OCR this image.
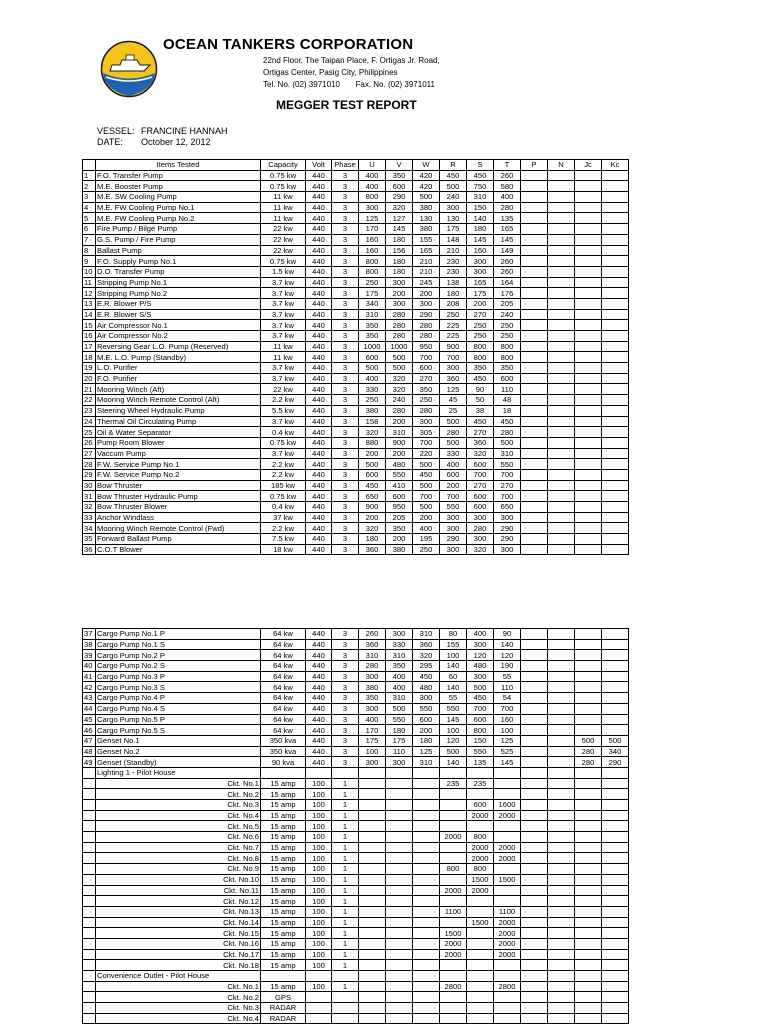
OCEAN TANKERS CORPORATION
22nd Floor, The Taipan Place, F. Ortigas Jr. Road,
Ortigas Center, Pasig City, Philippines
Tel. No. (02) 3971010 Fax. No. (02) 3971011
MEGGER TEST REPORT
VESSEL: FRANCINE HANNAH
DATE: October 12, 2012
	Items Tested	Capacity	Volt	Phase	U	V	W	R	S	T	P	N	Jc	Kc
1	F.O. Transfer Pump	0.75 kw	440	3	400	350	420	450	450	260				
2	M.E. Booster Pump	0.75 kw	440	3	400	600	420	500	750	580				
3	M.E. SW Cooling Pump	11 kw	440	3	800	290	500	240	310	400				
4	M.E. FW Cooling Pump No.1	11 kw	440	3	300	320	380	300	150	280				
5	M.E. FW Cooling Pump No.2	11 kw	440	3	125	127	130	130	140	135				
6	Fire Pump / Bilge Pump	22 kw	440	3	170	145	380	175	180	165				
7	G.S. Pump / Fire Pump	22 kw	440	3	160	180	155	148	145	145				
8	Ballast Pump	22 kw	440	3	160	156	165	210	160	149				
9	F.O. Supply Pump No.1	0.75 kw	440	3	800	180	210	230	300	260				
10	D.O. Transfer Pump	1.5 kw	440	3	800	180	210	230	300	260				
11	Stripping Pump No.1	3.7 kw	440	3	250	300	245	138	165	164				
12	Stripping Pump No.2	3.7 kw	440	3	175	200	200	180	175	176				
13	E.R. Blower P/S	3.7 kw	440	3	340	300	300	208	200	205				
14	E.R. Blower S/S	3.7 kw	440	3	310	280	290	250	270	240				
15	Air Compressor No.1	3.7 kw	440	3	350	280	280	225	250	250				
16	Air Compressor No.2	3.7 kw	440	3	350	280	280	225	250	250				
17	Reversing Gear L.O. Pump (Reserved)	11 kw	440	3	1000	1000	950	900	800	800				
18	M.E. L.O. Pump (Standby)	11 kw	440	3	600	500	700	700	800	800				
19	L.O. Purifier	3.7 kw	440	3	500	500	600	300	350	350				
20	F.O. Purifier	3.7 kw	440	3	400	320	270	360	450	600				
21	Mooring Winch (Aft)	22 kw	440	3	330	320	350	125	90	110				
22	Mooring Winch Remote Control (Aft)	2.2 kw	440	3	250	240	250	45	50	48				
23	Steering Wheel Hydraulic Pump	5.5 kw	440	3	380	280	280	25	38	18				
24	Thermal Oil Circulating Pump	3.7 kw	440	3	158	200	300	500	450	450				
25	Oil & Water Separator	0.4 kw	440	3	320	310	305	280	270	280				
26	Pump Room Blower	0.75 kw	440	3	880	900	700	500	360	500				
27	Vaccum Pump	3.7 kw	440	3	200	200	220	330	320	310				
28	F.W. Service Pump No.1	2.2 kw	440	3	500	480	500	400	600	550				
29	F.W. Service Pump No.2	2.2 kw	440	3	600	550	450	600	700	700				
30	Bow Thruster	185 kw	440	3	450	410	500	200	270	270				
31	Bow Thruster Hydraulic Pump	0.75 kw	440	3	650	600	700	700	600	700				
32	Bow Thruster Blower	0.4 kw	440	3	900	950	500	550	600	650				
33	Anchor Windlass	37 kw	440	3	200	205	200	300	300	300				
34	Mooring Winch Remote Control (Fwd)	2.2 kw	440	3	320	350	400	300	280	290				
35	Forward Ballast Pump	7.5 kw	440	3	180	200	195	290	300	290				
36	C.O.T Blower	18 kw	440	3	360	380	250	300	320	300				
37	Cargo Pump No.1 P	64 kw	440	3	260	300	310	80	400	90				
38	Cargo Pump No.1 S	64 kw	440	3	360	330	360	155	300	140				
39	Cargo Pump No.2 P	64 kw	440	3	310	310	320	100	120	120				
40	Cargo Pump No.2 S	64 kw	440	3	280	350	295	140	480	190				
41	Cargo Pump No.3 P	64 kw	440	3	300	400	450	60	300	55				
42	Cargo Pump No.3 S	64 kw	440	3	380	400	480	140	500	110				
43	Cargo Pump No.4 P	64 kw	440	3	350	310	300	55	450	54				
44	Cargo Pump No.4 S	64 kw	440	3	300	500	550	550	700	700				
45	Cargo Pump No.5 P	64 kw	440	3	400	550	600	145	600	160				
46	Cargo Pump No.5 S	64 kw	440	3	170	180	200	100	800	100				
47	Genset No.1	350 kva	440	3	175	175	180	120	150	125			500	500
48	Genset No.2	350 kva	440	3	100	110	125	500	550	525			280	340
49	Genset (Standby)	90 kva	440	3	300	300	310	140	135	145			280	290
	Lighting 1 - Pilot House													
	Ckt. No.1	15 amp	100	1				235	235					
	Ckt. No.2	15 amp	100	1										
	Ckt. No.3	15 amp	100	1					600	1600				
	Ckt. No.4	15 amp	100	1					2000	2000				
	Ckt. No.5	15 amp	100	1										
	Ckt. No.6	15 amp	100	1				2000	800					
	Ckt. No.7	15 amp	100	1					2000	2000				
	Ckt. No.8	15 amp	100	1					2000	2000				
	Ckt. No.9	15 amp	100	1				800	800					
	Ckt. No.10	15 amp	100	1					1500	1500				
	Ckt. No.11	15 amp	100	1				2000	2000					
	Ckt. No.12	15 amp	100	1										
	Ckt. No.13	15 amp	100	1				1100		1100				
	Ckt. No.14	15 amp	100	1					1500	2000				
	Ckt. No.15	15 amp	100	1				1500		2000				
	Ckt. No.16	15 amp	100	1				2000		2000				
	Ckt. No.17	15 amp	100	1				2000		2000				
	Ckt. No.18	15 amp	100	1										
	Convenience Outlet - Pilot House													
	Ckt. No.1	15 amp	100	1				2800		2800				
	Ckt. No.2	GPS												
	Ckt. No.3	RADAR												
	Ckt. No.4	RADAR												
